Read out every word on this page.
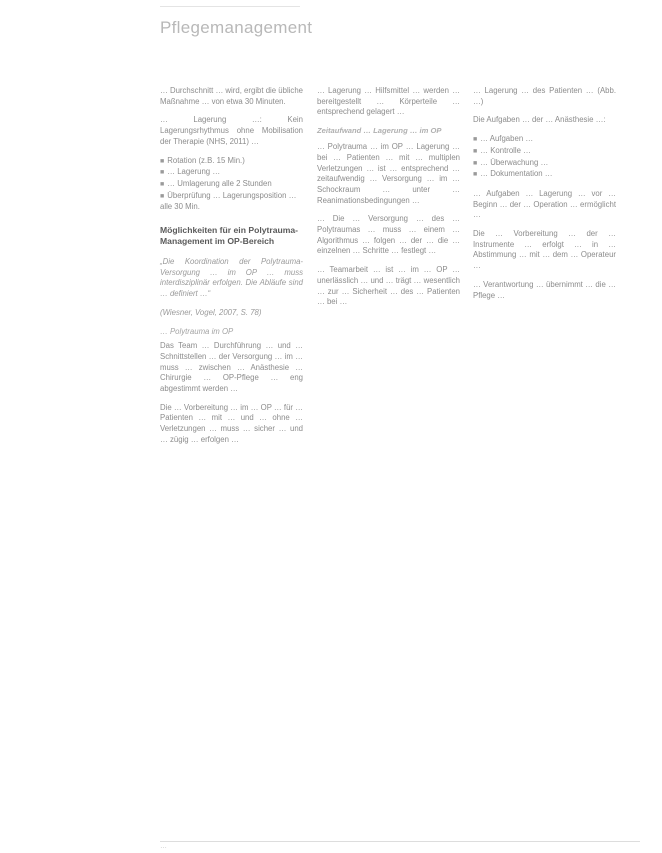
Pflegemanagement

… Durchschnitt … wird, ergibt die übliche Maßnahme … von etwa 30 Minuten.

… Lagerung …: Kein Lagerungsrhythmus ohne Mobilisation der Therapie (NHS, 2011) …

■ Rotation (z.B. 15 Min.)
■ … Lagerung …
■ … Umlagerung alle 2 Stunden
■ Überprüfung … Lagerungsposition … alle 30 Min.
Möglichkeiten für ein Polytrauma-Management im OP-Bereich

„Die Koordination der Polytrauma-Versorgung … im OP … muss interdisziplinär erfolgen. Die Abläufe sind … definiert …“

(Wiesner, Vogel, 2007, S. 78)

… Polytrauma im OP

Das Team … Durchführung … und … Schnittstellen … der Versorgung … im … muss … zwischen … Anästhesie … Chirurgie … OP-Pflege … eng abgestimmt werden …

Die … Vorbereitung … im … OP … für … Patienten … mit … und … ohne … Verletzungen … muss … sicher … und … zügig … erfolgen …

… Lagerung … Hilfsmittel … werden … bereitgestellt … Körperteile … entsprechend gelagert …

Zeitaufwand … Lagerung … im OP

… Polytrauma … im OP … Lagerung … bei … Patienten … mit … multiplen Verletzungen … ist … entsprechend … zeitaufwendig … Versorgung … im … Schockraum … unter … Reanimationsbedingungen …

… Die … Versorgung … des … Polytraumas … muss … einem … Algorithmus … folgen … der … die … einzelnen … Schritte … festlegt …

… Teamarbeit … ist … im … OP … unerlässlich … und … trägt … wesentlich … zur … Sicherheit … des … Patienten … bei …

… Lagerung … des Patienten … (Abb. …)

Die Aufgaben … der … Anästhesie …:

■ … Aufgaben …
■ … Kontrolle …
■ … Überwachung …
■ … Dokumentation …

… Aufgaben … Lagerung … vor … Beginn … der … Operation … ermöglicht …

Die … Vorbereitung … der … Instrumente … erfolgt … in … Abstimmung … mit … dem … Operateur …

… Verantwortung … übernimmt … die … Pflege …

…
